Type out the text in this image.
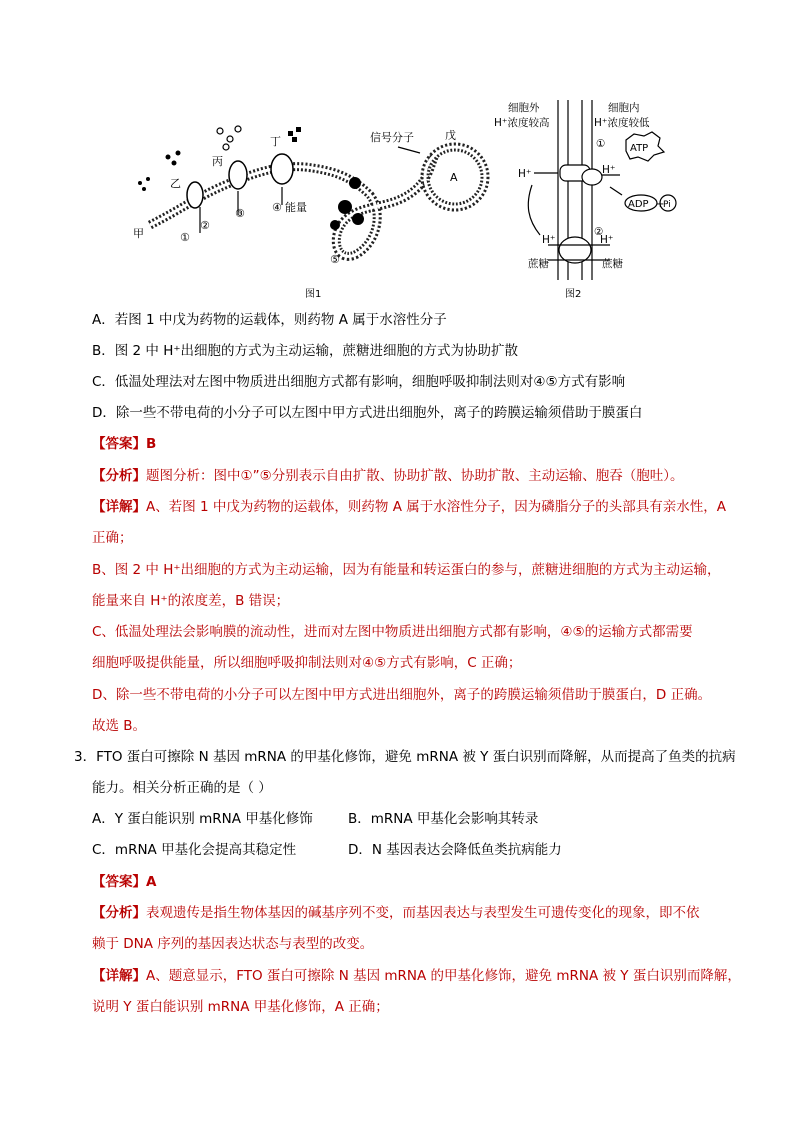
甲
乙
丙
丁	戊
信号分子
A
①
②
③ ④ 能量
⑤
图1
细胞外
H⁺浓度较高
细胞内
H⁺浓度较低
① ATP
H⁺	H⁺
ADP +
Pi
②
H⁺	H⁺
蔗糖	蔗糖
图2
A．若图 1 中戊为药物的运载体，则药物 A 属于水溶性分子
B．图 2 中 H⁺出细胞的方式为主动运输，蔗糖进细胞的方式为协助扩散
C．低温处理法对左图中物质进出细胞方式都有影响，细胞呼吸抑制法则对④⑤方式有影响
D．除一些不带电荷的小分子可以左图中甲方式进出细胞外，离子的跨膜运输须借助于膜蛋白
【答案】B
【分析】题图分析：图中①”⑤分别表示自由扩散、协助扩散、协助扩散、主动运输、胞吞（胞吐）。
【详解】A、若图 1 中戊为药物的运载体，则药物 A 属于水溶性分子，因为磷脂分子的头部具有亲水性，A
正确；
B、图 2 中 H⁺出细胞的方式为主动运输，因为有能量和转运蛋白的参与，蔗糖进细胞的方式为主动运输，
能量来自 H⁺的浓度差，B 错误；
C、低温处理法会影响膜的流动性，进而对左图中物质进出细胞方式都有影响，④⑤的运输方式都需要
细胞呼吸提供能量，所以细胞呼吸抑制法则对④⑤方式有影响，C 正确；
D、除一些不带电荷的小分子可以左图中甲方式进出细胞外，离子的跨膜运输须借助于膜蛋白，D 正确。
故选 B。
3．FTO 蛋白可擦除 N 基因 mRNA 的甲基化修饰，避免 mRNA 被 Y 蛋白识别而降解，从而提高了鱼类的抗病
能力。相关分析正确的是（ ）
A．Y 蛋白能识别 mRNA 甲基化修饰	B．mRNA 甲基化会影响其转录
C．mRNA 甲基化会提高其稳定性	D．N 基因表达会降低鱼类抗病能力
【答案】A
【分析】表观遗传是指生物体基因的碱基序列不变，而基因表达与表型发生可遗传变化的现象，即不依
赖于 DNA 序列的基因表达状态与表型的改变。
【详解】A、题意显示，FTO 蛋白可擦除 N 基因 mRNA 的甲基化修饰，避免 mRNA 被 Y 蛋白识别而降解，
说明 Y 蛋白能识别 mRNA 甲基化修饰，A 正确；
